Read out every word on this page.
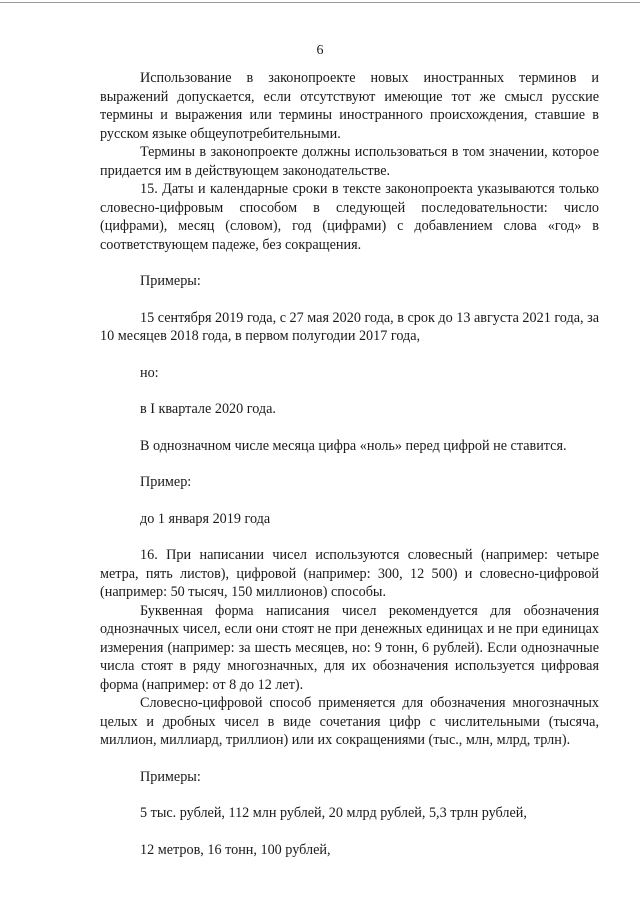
6

Использование в законопроекте новых иностранных терминов и выражений допускается, если отсутствуют имеющие тот же смысл русские термины и выражения или термины иностранного происхождения, ставшие в русском языке общеупотребительными.

Термины в законопроекте должны использоваться в том значении, которое придается им в действующем законодательстве.

15. Даты и календарные сроки в тексте законопроекта указываются только словесно-цифровым способом в следующей последовательности: число (цифрами), месяц (словом), год (цифрами) с добавлением слова «год» в соответствующем падеже, без сокращения.

Примеры:

15 сентября 2019 года, с 27 мая 2020 года, в срок до 13 августа 2021 года, за 10 месяцев 2018 года, в первом полугодии 2017 года,

но:

в I квартале 2020 года.

В однозначном числе месяца цифра «ноль» перед цифрой не ставится.

Пример:

до 1 января 2019 года

16. При написании чисел используются словесный (например: четыре метра, пять листов), цифровой (например: 300, 12 500) и словесно-цифровой (например: 50 тысяч, 150 миллионов) способы.

Буквенная форма написания чисел рекомендуется для обозначения однозначных чисел, если они стоят не при денежных единицах и не при единицах измерения (например: за шесть месяцев, но: 9 тонн, 6 рублей). Если однозначные числа стоят в ряду многозначных, для их обозначения используется цифровая форма (например: от 8 до 12 лет).

Словесно-цифровой способ применяется для обозначения многозначных целых и дробных чисел в виде сочетания цифр с числительными (тысяча, миллион, миллиард, триллион) или их сокращениями (тыс., млн, млрд, трлн).

Примеры:

5 тыс. рублей, 112 млн рублей, 20 млрд рублей, 5,3 трлн рублей,

12 метров, 16 тонн, 100 рублей,
